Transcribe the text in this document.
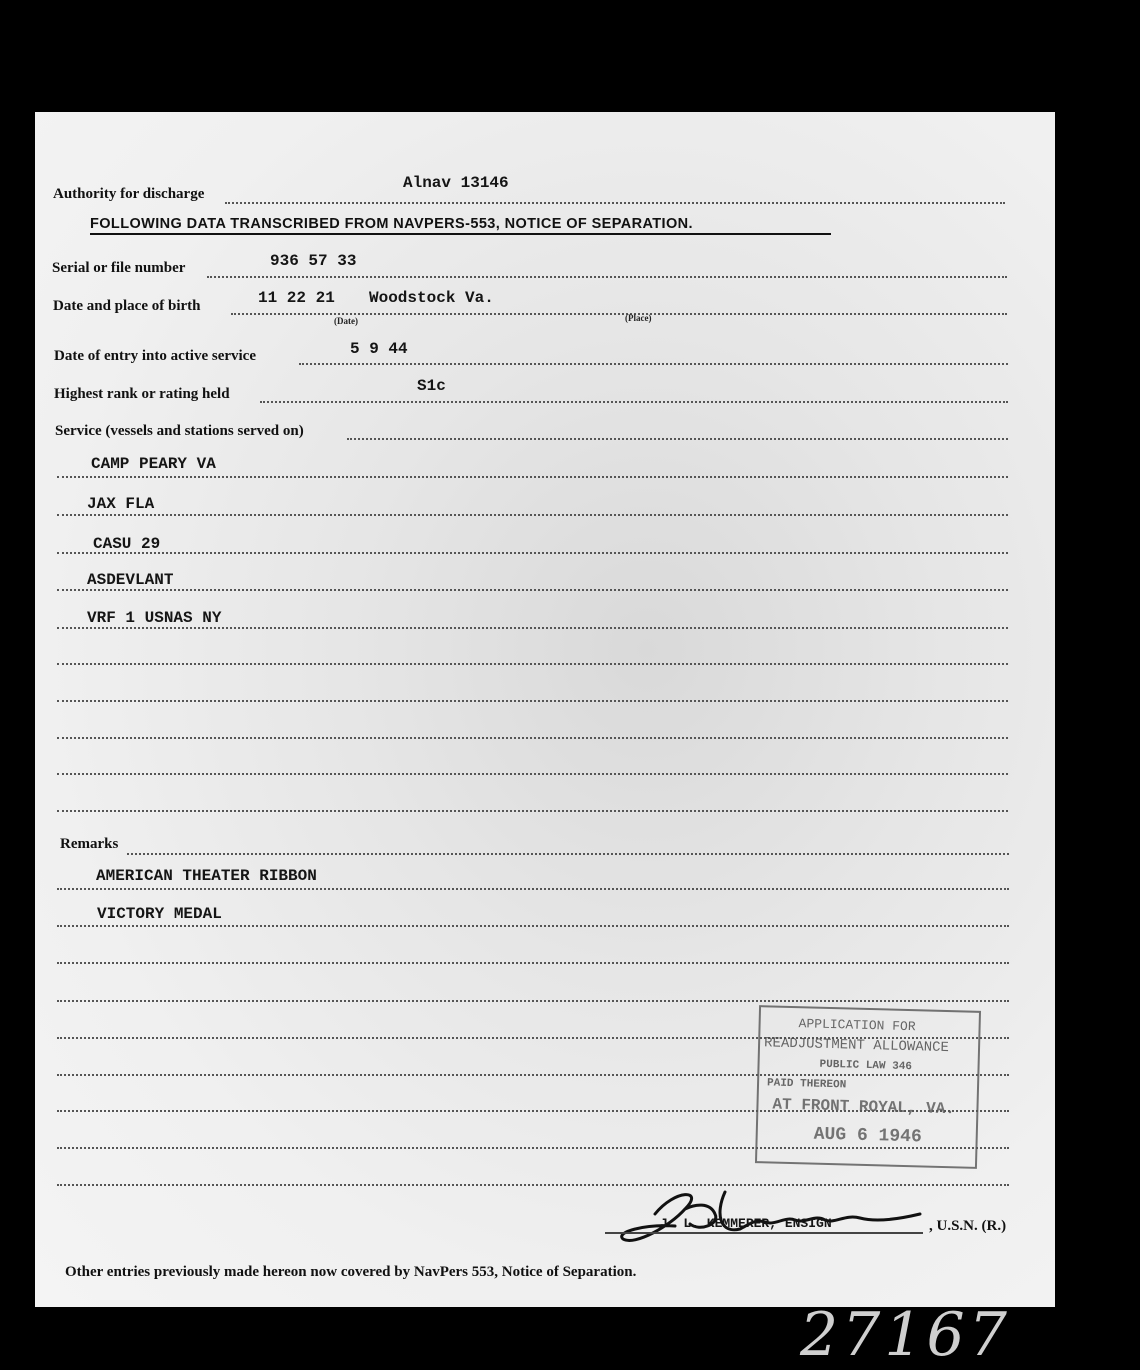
Authority for discharge
Alnav 13146
FOLLOWING DATA TRANSCRIBED FROM NAVPERS-553, NOTICE OF SEPARATION.
Serial or file number	936 57 33
Date and place of birth	11 22 21 Woodstock Va.
(Date)	(Place)
Date of entry into active service	5 9 44
Highest rank or rating held	S1c
Service (vessels and stations served on)
CAMP PEARY VA
JAX FLA
CASU 29
ASDEVLANT
VRF 1 USNAS NY
Remarks
AMERICAN THEATER RIBBON
VICTORY MEDAL
APPLICATION FOR
READJUSTMENT ALLOWANCE
PUBLIC LAW 346
PAID THEREON
AT FRONT ROYAL, VA.
AUG 6 1946
J. L. KEMMERER, ENSIGN	, U.S.N. (R.)
Other entries previously made hereon now covered by NavPers 553, Notice of Separation.
27167
